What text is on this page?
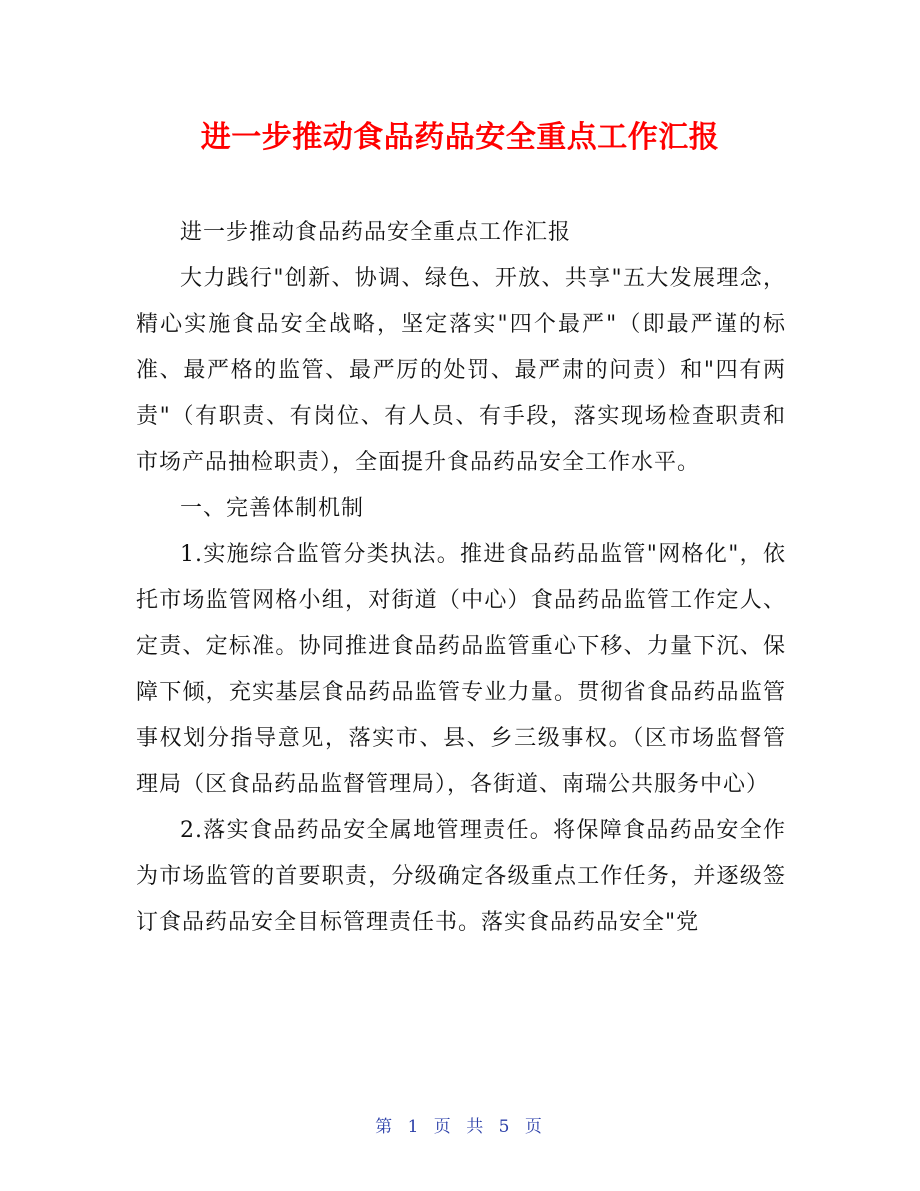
进一步推动食品药品安全重点工作汇报

进一步推动食品药品安全重点工作汇报

大力践行"创新、协调、绿色、开放、共享"五大发展理念，精心实施食品安全战略，坚定落实"四个最严"（即最严谨的标准、最严格的监管、最严厉的处罚、最严肃的问责）和"四有两责"（有职责、有岗位、有人员、有手段，落实现场检查职责和市场产品抽检职责），全面提升食品药品安全工作水平。

一、完善体制机制

1.实施综合监管分类执法。推进食品药品监管"网格化"，依托市场监管网格小组，对街道（中心）食品药品监管工作定人、定责、定标准。协同推进食品药品监管重心下移、力量下沉、保障下倾，充实基层食品药品监管专业力量。贯彻省食品药品监管事权划分指导意见，落实市、县、乡三级事权。（区市场监督管理局（区食品药品监督管理局），各街道、南瑞公共服务中心）

2.落实食品药品安全属地管理责任。将保障食品药品安全作为市场监管的首要职责，分级确定各级重点工作任务，并逐级签订食品药品安全目标管理责任书。落实食品药品安全"党

第 1 页 共 5 页
